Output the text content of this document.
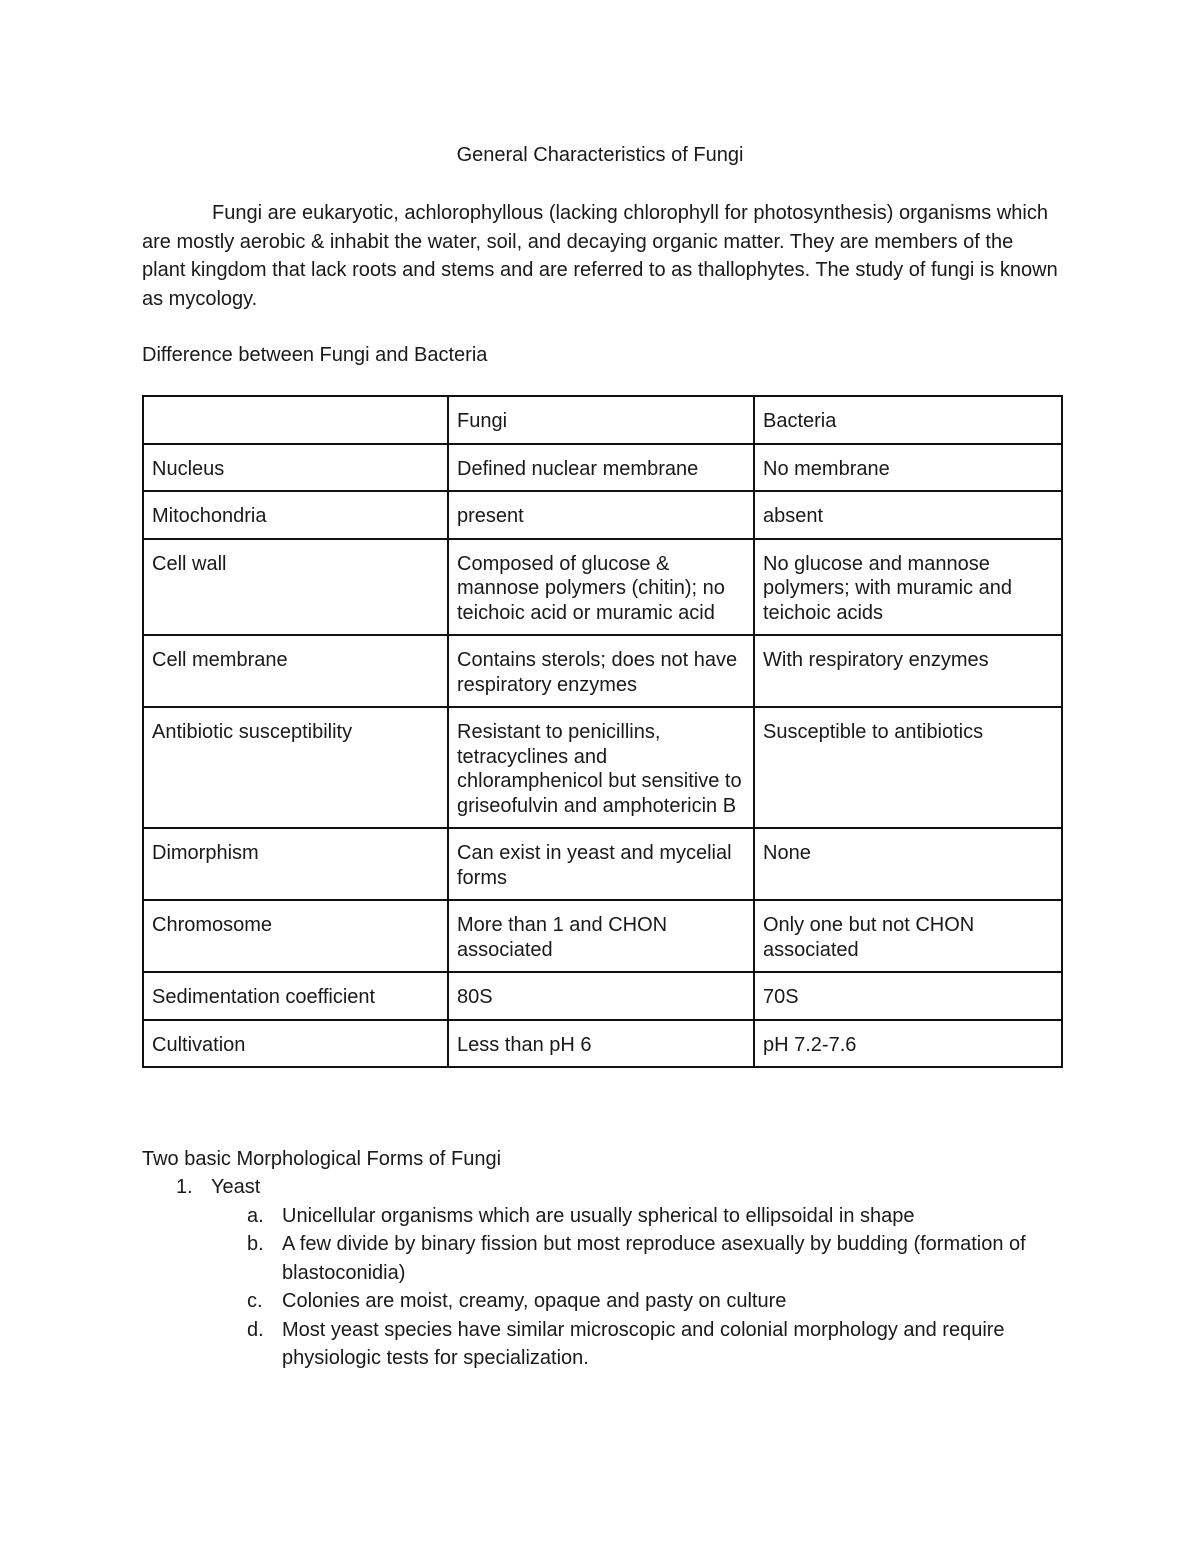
General Characteristics of Fungi

Fungi are eukaryotic, achlorophyllous (lacking chlorophyll for photosynthesis) organisms which are mostly aerobic & inhabit the water, soil, and decaying organic matter. They are members of the plant kingdom that lack roots and stems and are referred to as thallophytes. The study of fungi is known as mycology.

Difference between Fungi and Bacteria
	Fungi	Bacteria
Nucleus	Defined nuclear membrane	No membrane
Mitochondria	present	absent
Cell wall	Composed of glucose & mannose polymers (chitin); no teichoic acid or muramic acid	No glucose and mannose polymers; with muramic and teichoic acids
Cell membrane	Contains sterols; does not have respiratory enzymes	With respiratory enzymes
Antibiotic susceptibility	Resistant to penicillins, tetracyclines and chloramphenicol but sensitive to griseofulvin and amphotericin B	Susceptible to antibiotics
Dimorphism	Can exist in yeast and mycelial forms	None
Chromosome	More than 1 and CHON associated	Only one but not CHON associated
Sedimentation coefficient	80S	70S
Cultivation	Less than pH 6	pH 7.2-7.6
Two basic Morphological Forms of Fungi
1. Yeast
a. Unicellular organisms which are usually spherical to ellipsoidal in shape
b. A few divide by binary fission but most reproduce asexually by budding (formation of blastoconidia)
c. Colonies are moist, creamy, opaque and pasty on culture
d. Most yeast species have similar microscopic and colonial morphology and require physiologic tests for specialization.
